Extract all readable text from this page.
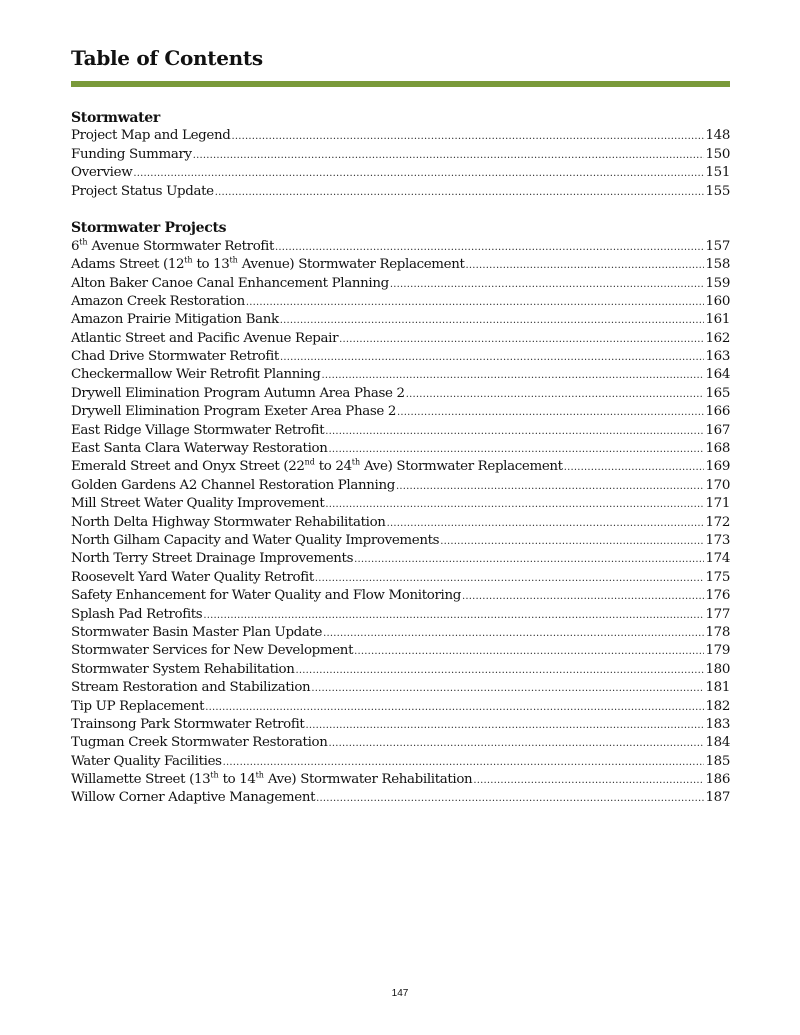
Table of Contents
Stormwater
Project Map and Legend .....	148
Funding Summary .....	150
Overview .....	151
Project Status Update .....	155
Stormwater Projects
6th Avenue Stormwater Retrofit .....	157
Adams Street (12th to 13th Avenue) Stormwater Replacement .....	158
Alton Baker Canoe Canal Enhancement Planning .....	159
Amazon Creek Restoration .....	160
Amazon Prairie Mitigation Bank .....	161
Atlantic Street and Pacific Avenue Repair .....	162
Chad Drive Stormwater Retrofit .....	163
Checkermallow Weir Retrofit Planning .....	164
Drywell Elimination Program Autumn Area Phase 2 .....	165
Drywell Elimination Program Exeter Area Phase 2 .....	166
East Ridge Village Stormwater Retrofit .....	167
East Santa Clara Waterway Restoration .....	168
Emerald Street and Onyx Street (22nd to 24th Ave) Stormwater Replacement .....	169
Golden Gardens A2 Channel Restoration Planning .....	170
Mill Street Water Quality Improvement .....	171
North Delta Highway Stormwater Rehabilitation .....	172
North Gilham Capacity and Water Quality Improvements .....	173
North Terry Street Drainage Improvements .....	174
Roosevelt Yard Water Quality Retrofit .....	175
Safety Enhancement for Water Quality and Flow Monitoring .....	176
Splash Pad Retrofits .....	177
Stormwater Basin Master Plan Update .....	178
Stormwater Services for New Development .....	179
Stormwater System Rehabilitation .....	180
Stream Restoration and Stabilization .....	181
Tip UP Replacement .....	182
Trainsong Park Stormwater Retrofit .....	183
Tugman Creek Stormwater Restoration .....	184
Water Quality Facilities .....	185
Willamette Street (13th to 14th Ave) Stormwater Rehabilitation .....	186
Willow Corner Adaptive Management .....	187
147
